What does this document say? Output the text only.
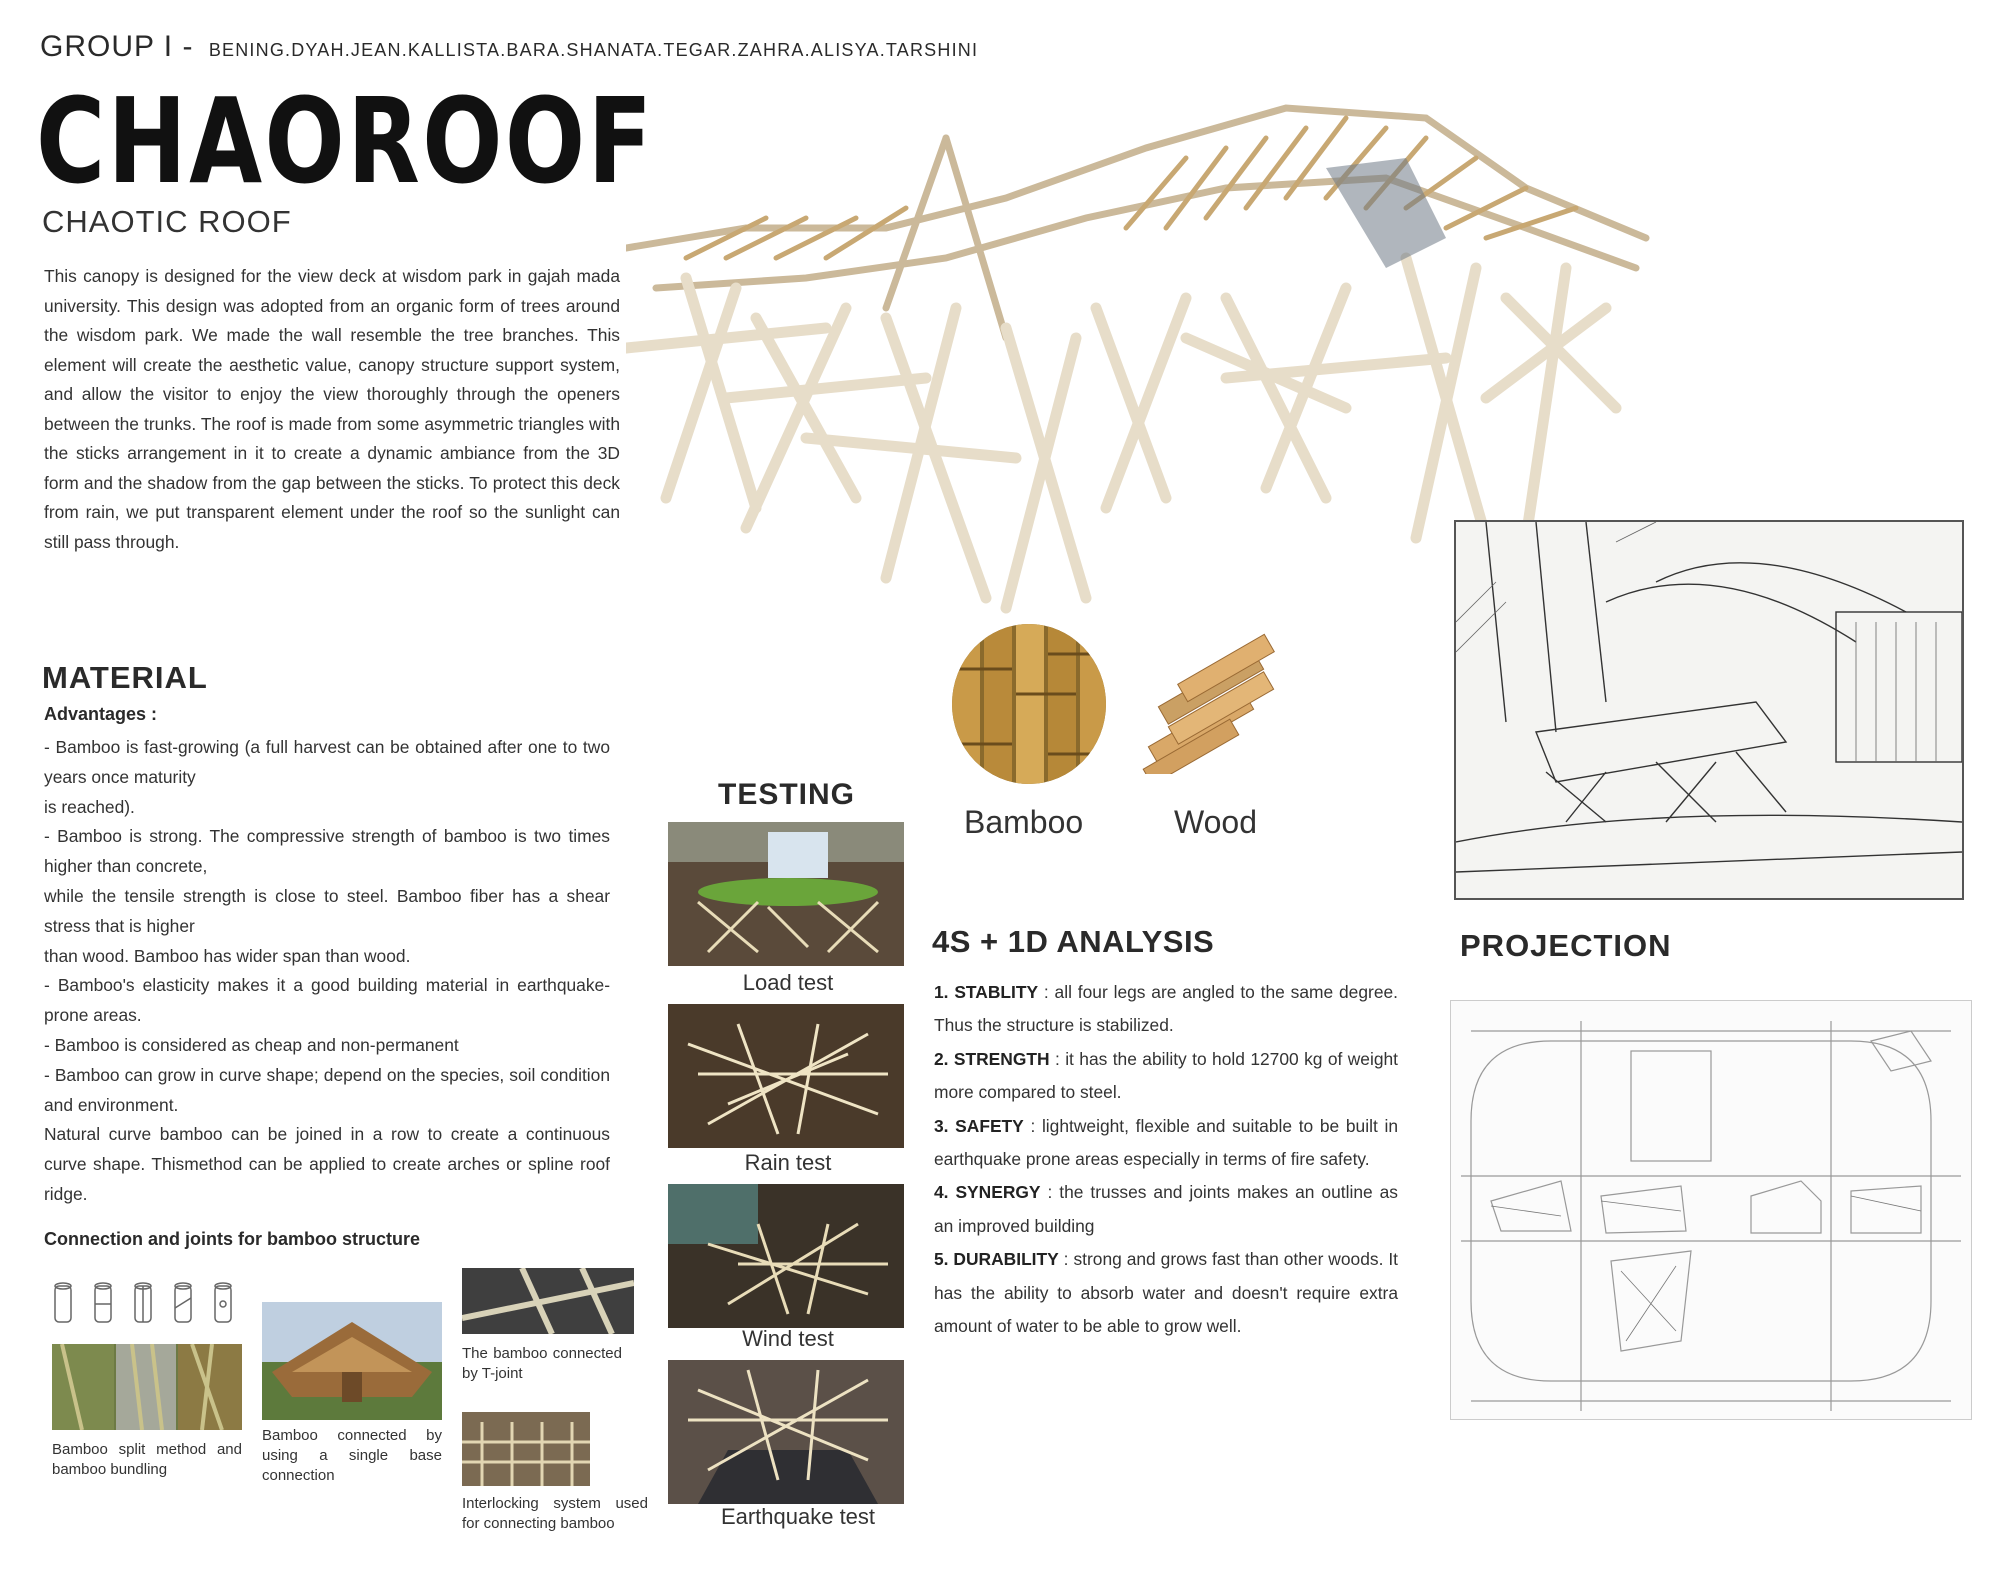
GROUP I - BENING.DYAH.JEAN.KALLISTA.BARA.SHANATA.TEGAR.ZAHRA.ALISYA.TARSHINI
CHAOROOF
CHAOTIC ROOF
This canopy is designed for the view deck at wisdom park in gajah mada university. This design was adopted from an organic form of trees around the wisdom park. We made the wall resemble the tree branches. This element will create the aesthetic value, canopy structure support system, and allow the visitor to enjoy the view thoroughly through the openers between the trunks. The roof is made from some asymmetric triangles with the sticks arrangement in it to create a dynamic ambiance from the 3D form and the shadow from the gap between the sticks. To protect this deck from rain, we put transparent element under the roof so the sunlight can still pass through.
MATERIAL
Advantages :

- Bamboo is fast-growing (a full harvest can be obtained after one to two years once maturity

is reached).

- Bamboo is strong. The compressive strength of bamboo is two times higher than concrete,

while the tensile strength is close to steel. Bamboo fiber has a shear stress that is higher

than wood. Bamboo has wider span than wood.

- Bamboo's elasticity makes it a good building material in earthquake-prone areas.

- Bamboo is considered as cheap and non-permanent

- Bamboo can grow in curve shape; depend on the species, soil condition and environment.

Natural curve bamboo can be joined in a row to create a continuous curve shape. Thismethod can be applied to create arches or spline roof ridge.

Connection and joints for bamboo structure
Bamboo split method and bamboo bundling
Bamboo connected by using a single base connection
The bamboo connected by T-joint
Interlocking system used for connecting bamboo
TESTING
Load test
Rain test
Wind test
Earthquake test
Bamboo	Wood
4S + 1D ANALYSIS

1. STABLITY : all four legs are angled to the same degree. Thus the structure is stabilized.

2. STRENGTH : it has the ability to hold 12700 kg of weight more compared to steel.

3. SAFETY : lightweight, flexible and suitable to be built in earthquake prone areas especially in terms of fire safety.

4. SYNERGY : the trusses and joints makes an outline as an improved building

5. DURABILITY : strong and grows fast than other woods. It has the ability to absorb water and doesn't require extra amount of water to be able to grow well.

PROJECTION
